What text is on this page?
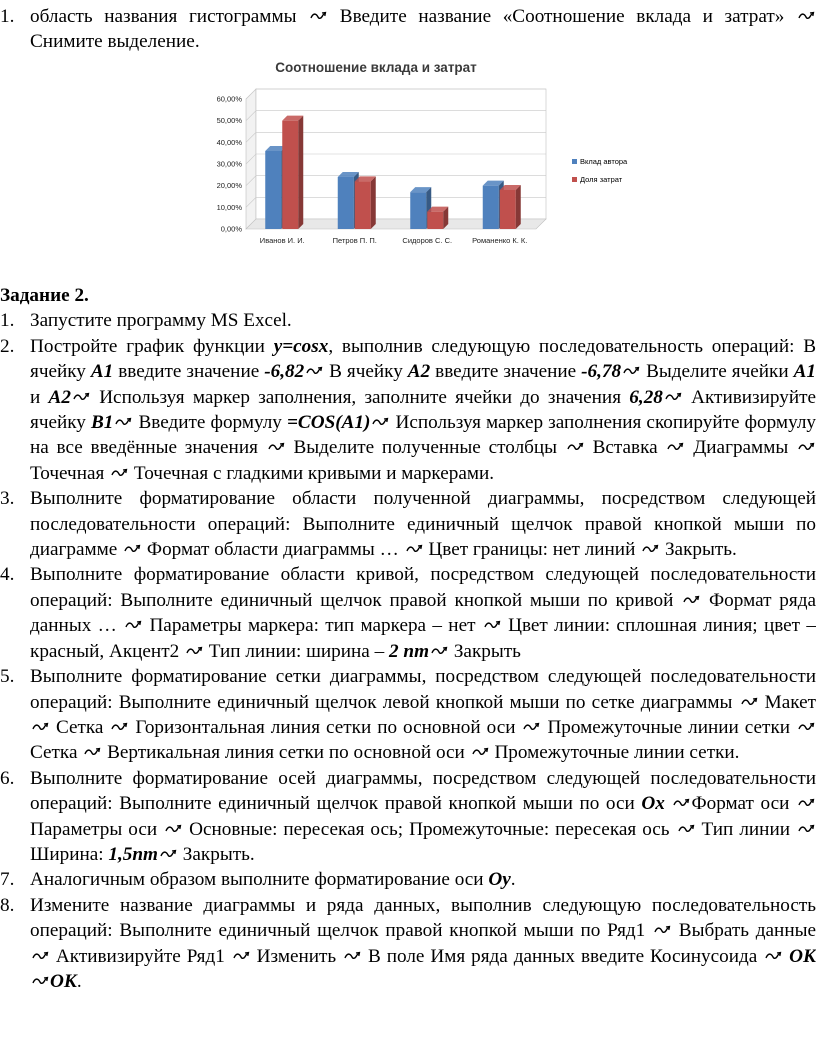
1. область названия гистограммы Введите название «Соотношение вклада и затрат»
Снимите выделение.
Соотношение вклада и затрат
0,00%
10,00%
20,00%
30,00%
40,00%
50,00%
60,00%
Иванов И. И.	Петров П. П.	Сидоров С. С.	Романенко К. К.
Вклад автора
Доля затрат
Задание 2.
1. Запустите программу MS Excel.
2. Постройте график функции y=cosx, выполнив следующую последовательность операций: В ячейку A1 введите значение -6,82
В ячейку A2 введите значение -6,78
Выделите ячейки A1 и A2
Используя маркер заполнения, заполните ячейки до значения 6,28
Активизируйте ячейку B1
Введите формулу =COS(A1)
Используя маркер заполнения скопируйте формулу на все введённые значения
Выделите полученные столбцы
Вставка
Диаграммы
Точечная
Точечная с гладкими кривыми и маркерами.
3. Выполните форматирование области полученной диаграммы, посредством следующей последовательности операций: Выполните единичный щелчок правой кнопкой мыши по диаграмме
Формат области диаграммы …
Цвет границы: нет линий
Закрыть.
4. Выполните форматирование области кривой, посредством следующей последовательности операций: Выполните единичный щелчок правой кнопкой мыши по кривой
Формат ряда данных …
Параметры маркера: тип маркера – нет
Цвет линии: сплошная линия; цвет – красный, Акцент2
Тип линии: ширина – 2 nm
Закрыть
5. Выполните форматирование сетки диаграммы, посредством следующей последовательности операций: Выполните единичный щелчок левой кнопкой мыши по сетке диаграммы
Макет
Сетка
Горизонтальная линия сетки по основной оси
Промежуточные линии сетки
Сетка
Вертикальная линия сетки по основной оси
Промежуточные линии сетки.
6. Выполните форматирование осей диаграммы, посредством следующей последовательности операций: Выполните единичный щелчок правой кнопкой мыши по оси Ox Формат оси
Параметры оси
Основные: пересекая ось; Промежуточные: пересекая ось
Тип линии
Ширина: 1,5nm
Закрыть.
7. Аналогичным образом выполните форматирование оси Oy.
8. Измените название диаграммы и ряда данных, выполнив следующую последовательность операций: Выполните единичный щелчок правой кнопкой мыши по Ряд1
Выбрать данные
Активизируйте Ряд1
Изменить
В поле Имя ряда данных введите Косинусоида
ОК
ОК.
